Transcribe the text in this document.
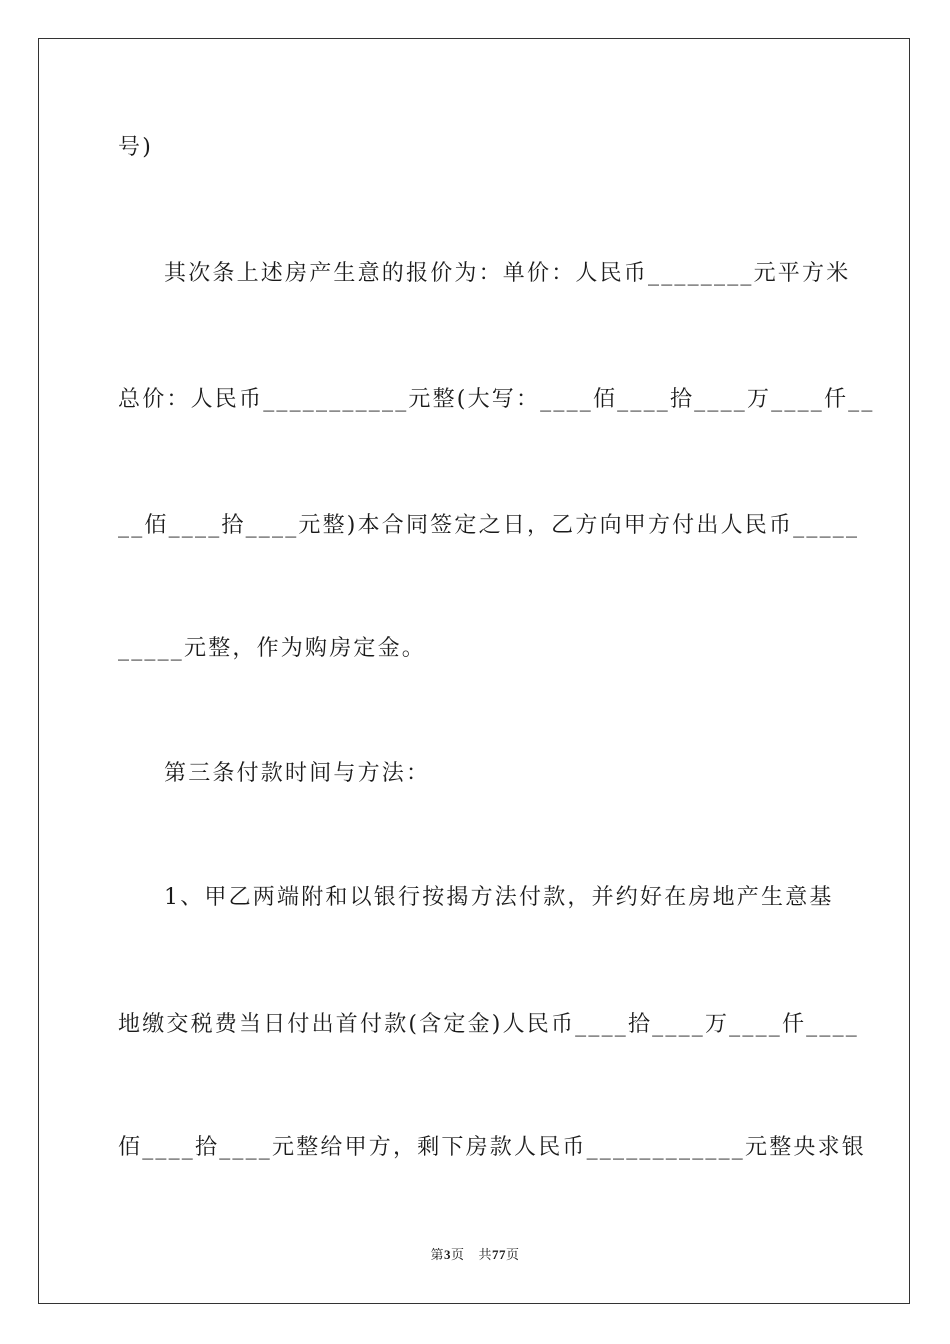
号)
其次条上述房产生意的报价为：单价：人民币________元平方米
总价：人民币___________元整(大写：____佰____拾____万____仟__
__佰____拾____元整)本合同签定之日，乙方向甲方付出人民币_____
_____元整，作为购房定金。
第三条付款时间与方法：
1、甲乙两端附和以银行按揭方法付款，并约好在房地产生意基
地缴交税费当日付出首付款(含定金)人民币____拾____万____仟____
佰____拾____元整给甲方，剩下房款人民币____________元整央求银
第3页 共77页
